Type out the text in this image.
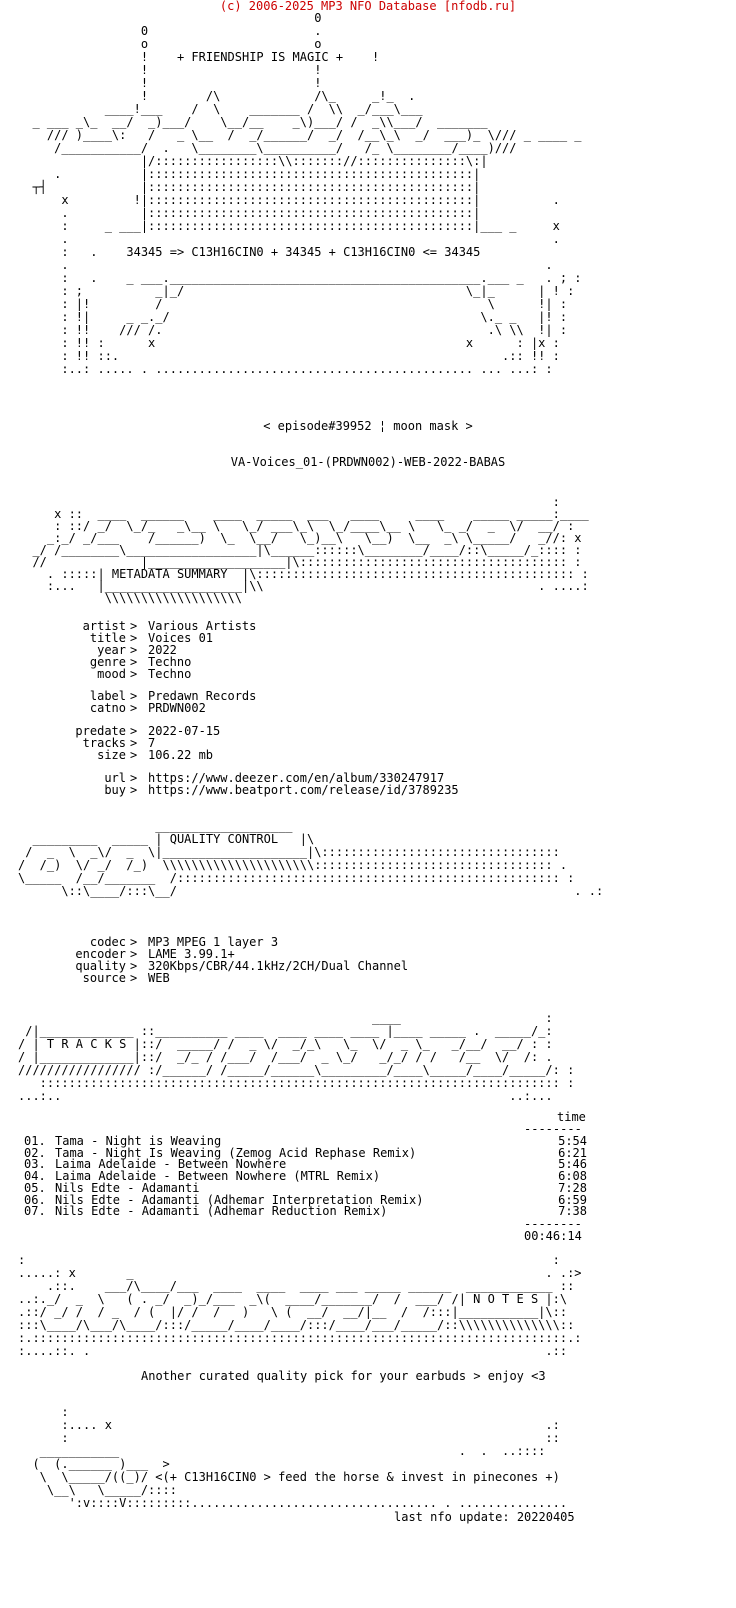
(c) 2006-2025 MP3 NFO Database [nfodb.ru]
0
0                       .
o                       o
!    + FRIENDSHIP IS MAGIC +    !
!                       !
!                       !
!        /\             /\_     _!_  .
____!___    /  \    _______ /  \\  _/___\___
_ ___ _\_  __/  _)___/    \__/__    _\)___/ /  _\\___/  _______
/// )____\:   /   _ \__  /  _/______/  _/  /__\_\  _/  ___)_ \/// _ ____ _
/___________/  .   \________\__________/   /_ \________/____)///
|/:::::::::::::::::\\::::::://:::::::::::::::\:|
.           |:::::::::::::::::::::::::::::::::::::::::::::|
┬┤             |:::::::::::::::::::::::::::::::::::::::::::::|
x         !|:::::::::::::::::::::::::::::::::::::::::::::|          .
.          |:::::::::::::::::::::::::::::::::::::::::::::|
:     _ ___|:::::::::::::::::::::::::::::::::::::::::::::|___ _     x
.                                                                   .
:   .    34345 => C13H16CIN0 + 34345 + C13H16CIN0 <= 34345
.                                                                  .
:   .    _ ___.___________________________________________.___ _   . ; :
: ;          _|_/                                       \_|_      | ! :
: |!         /                                             \      !| :
: !|     _ _._/                                           \._ _   |! :
: !!    /// /.                                             .\ \\  !| :
: !! :      x                                           x      : |x :
: !! ::.                                                     .:: !! :
:..: ..... . ............................................ ... ...: :
< episode#39952 ¦ moon mask >
VA-Voices_01-(PRDWN002)-WEB-2022-BABAS
:
x ::  ____  ______    ____  _____  ___   ____     ____    _____ _____:____
: ::/ _/  \_/_   _\__ \   \_/ ___\_\  \_/____\__ \   \_ _/  _  \/  __/ :
_:_/ _/___    /______)  \_  \__/   \_)__\   \__)  \__  _\ \_____/   _//: x
_/ /________\__________________|\______::::::\________/____/::\_____/_:::: :
//             |___________________|\::::::::::::::::::::::::::::::::::::: :
. :::::| METADATA SUMMARY  |\:::::::::::::::::::::::::::::::::::::::::::: :
:...   |___________________|\\                                      . ....:
\\\\\\\\\\\\\\\\\\\
artist > Various Artists
title > Voices 01
year > 2022
genre > Techno
mood > Techno
label > Predawn Records
catno > PRDWN002
predate > 2022-07-15
tracks > 7
size > 106.22 mb
url > https://www.deezer.com/en/album/330247917
buy > https://www.beatport.com/release/id/3789235
___________________
_________  _____ | QUALITY CONTROL   |\
/  _  \  _\/  _  \|____________________|\:::::::::::::::::::::::::::::::::
/  /_)  \/ _/  /_)  \\\\\\\\\\\\\\\\\\\\\::::::::::::::::::::::::::::::::: .
\_____  /__/_______  /::::::::::::::::::::::::::::::::::::::::::::::::::::: :
\::\____/:::\__/                                                       . .:
codec > MP3 MPEG 1 layer 3
encoder > LAME 3.99.1+
quality > 320Kbps/CBR/44.1kHz/2CH/Dual Channel
source > WEB
____                    :
/|_____________ ::__________ ____  ____ ____ ____ |____ _____ .  _____/_:
/ | T R A C K S |::/  _____/ /  _ \/  _/_\   \_  \/  _ \_   _/__/  __/ : :
/ |_____________|::/  _/_ / /___/  /___/  _ \_/   _/_/ / /   /__  \/  /: .
///////////////// :/______/ /_____/______\_________/____\_____/____/_____/: :
:::::::::::::::::::::::::::::::::::::::::::::::::::::::::::::::::::::::: :
...:..                                                              ..:...
time
--------
01. Tama - Night is Weaving	5:54
02. Tama - Night Is Weaving (Zemog Acid Rephase Remix)	6:21
03. Laima Adelaide - Between Nowhere	5:46
04. Laima Adelaide - Between Nowhere (MTRL Remix)	6:08
05. Nils Edte - Adamanti	7:28
06. Nils Edte - Adamanti (Adhemar Interpretation Remix)	6:59
07. Nils Edte - Adamanti (Adhemar Reduction Remix)	7:38
--------
00:46:14
:                                                                         :
.....: x       _                                                         . .:>
.::.    ___/\____/___  ____  ____  ____ ___ _____ ______  ____________ ::
..:._/  _  \   ( . _/  _)_/___  _\(  ____/_______/  /  ___/ /| N O T E S |:\
.::/ _/ /  / _  / (  |/ /  /   )   \ (  __/  __/|__  /  /:::|___________|\::
:::\____/\___/\____/:::/_____/____/____/:::/____/___/_____/::\\\\\\\\\\\\\\::
:.::::::::::::::::::::::::::::::::::::::::::::::::::::::::::::::::::::::::::.:
:....::. .                                                               .::
Another curated quality pick for your earbuds > enjoy <3
:
:.... x                                                            .:
:                                                                  ::
___________                                               .  .  ..::::
(  (.______ )___  >
\  \_____/((_)/ <(+ C13H16CIN0 > feed the horse & invest in pinecones +)
\__\   \_____/::::
':v::::V:::::::::.................................. . ...............
last nfo update: 20220405
